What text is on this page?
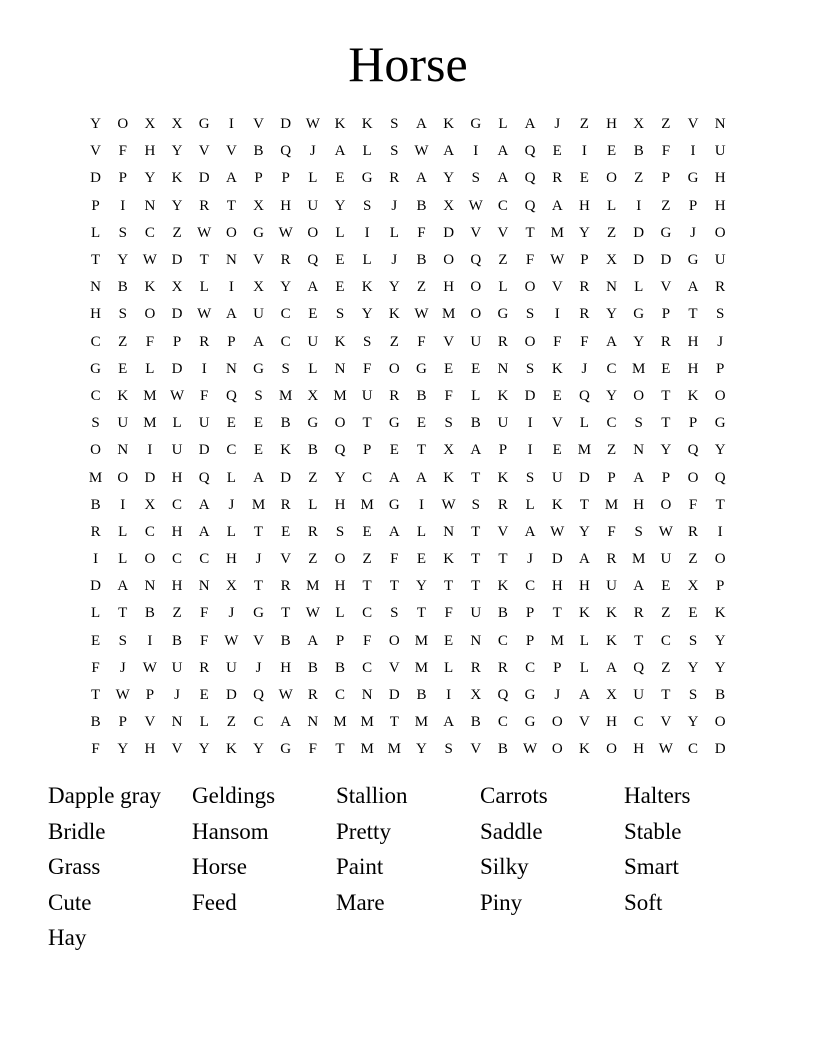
Horse
Y	O	X	X	G	I	V	D W K	K	S	A	K	G	L	A	J	Z	H	X	Z	V	N
V	F	H	Y	V	V	B	Q	J	A	L	S	W A	I	A	Q	E	I	E	B	F	I	U
D	P	Y	K	D	A	P	P	L	E	G	R	A	Y	S	A	Q	R	E	O	Z	P	G	H
P	I	N	Y	R	T	X	H	U	Y	S	J	B	X W	C	Q	A	H	L	I	Z	P	H
L	S	C	Z	W O	G W O	L	I	L	F	D	V	V	T	M	Y	Z	D	G	J	O
T	Y W D	T	N	V	R	Q	E	L	J	B	O	Q	Z	F	W	P	X	D	D	G	U
N	B	K	X	L	I	X	Y	A	E	K	Y	Z	H	O	L	O	V	R	N	L	V	A	R
H	S	O	D W A	U	C	E	S	Y	K W M	O	G	S	I	R	Y	G	P	T	S
C	Z	F	P	R	P	A	C	U	K	S	Z	F	V	U	R	O	F	F	A	Y	R	H	J
G	E	L	D	I	N	G	S	L	N	F	O	G	E	E	N	S	K	J	C	M	E	H	P
C	K	M W	F	Q	S	M	X	M	U	R	B	F	L	K	D	E	Q	Y	O	T	K	O
S	U	M	L	U	E	E	B	G	O	T	G	E	S	B	U	I	V	L	C	S	T	P	G
O	N	I	U	D	C	E	K	B	Q	P	E	T	X	A	P	I	E	M	Z	N	Y	Q	Y
M	O	D	H	Q	L	A	D	Z	Y	C	A	A	K	T	K	S	U	D	P	A	P	O	Q
B	I	X	C	A	J	M	R	L	H	M	G	I	W	S	R	L	K	T	M	H	O	F	T
R	L	C	H	A	L	T	E	R	S	E	A	L	N	T	V	A W Y	F	S	W	R	I
I	L	O	C	C	H	J	V	Z	O	Z	F	E	K	T	T	J	D	A	R	M	U	Z	O
D	A	N	H	N	X	T	R	M	H	T	T	Y	T	T	K	C	H	H	U	A	E	X	P
L	T	B	Z	F	J	G	T	W	L	C	S	T	F	U	B	P	T	K	K	R	Z	E	K
E	S	I	B	F	W V	B	A	P	F	O	M	E	N	C	P	M	L	K	T	C	S	Y
F	J	W U	R	U	J	H	B	B	C	V	M	L	R	R	C	P	L	A	Q	Z	Y	Y
T	W	P	J	E	D	Q W	R	C	N	D	B	I	X	Q	G	J	A	X	U	T	S	B
B	P	V	N	L	Z	C	A	N	M M	T	M	A	B	C	G	O	V	H	C	V	Y	O
F	Y	H	V	Y	K	Y	G	F	T	M M	Y	S	V	B	W O	K	O	H W	C	D
Dapple gray	Geldings	Stallion	Carrots	Halters
Bridle	Hansom	Pretty	Saddle	Stable
Grass	Horse	Paint	Silky	Smart
Cute	Feed	Mare	Piny	Soft
Hay
